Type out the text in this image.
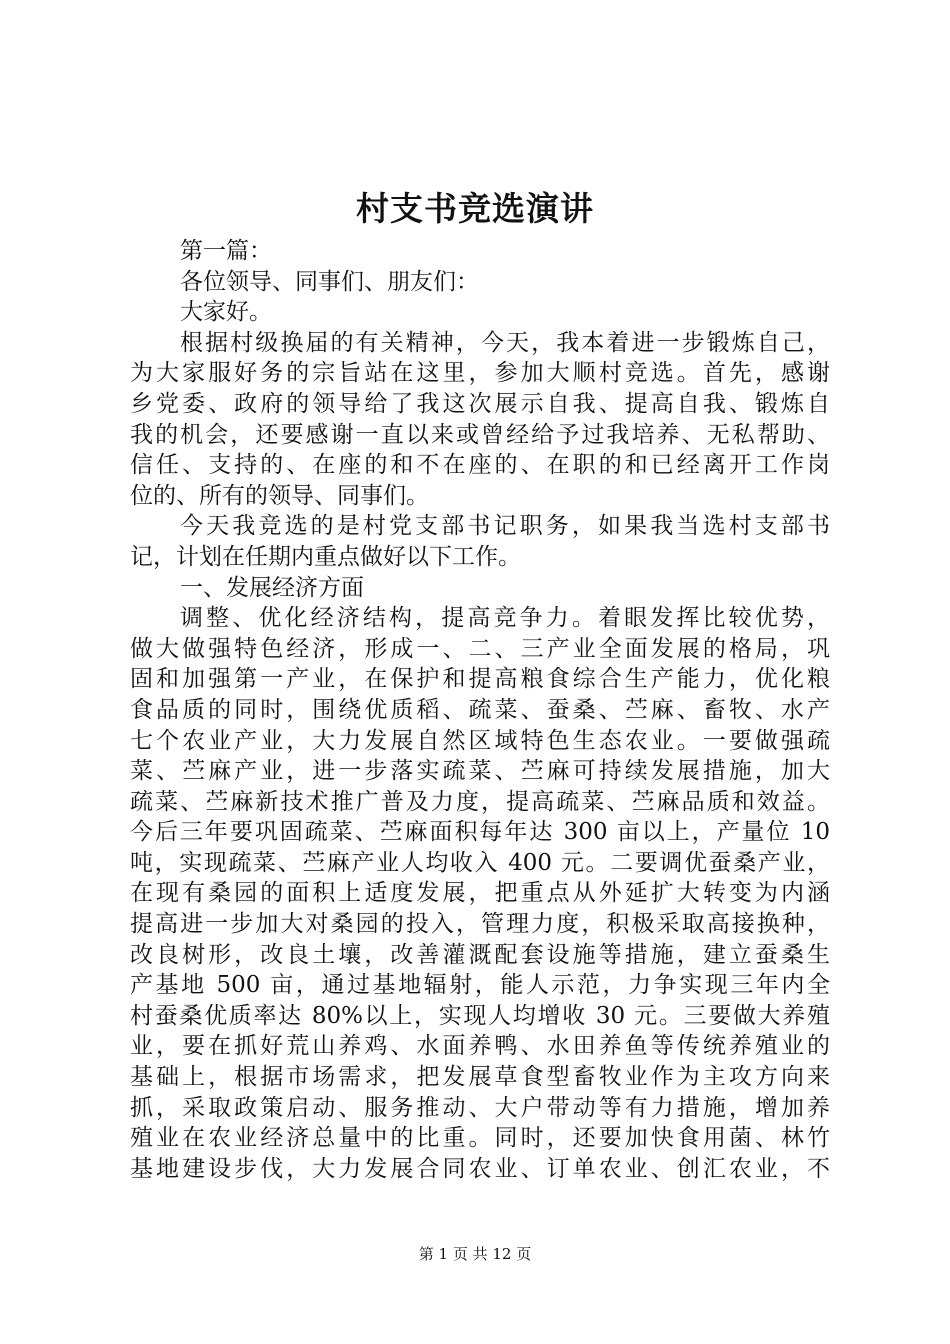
村支书竞选演讲
第一篇：
各位领导、同事们、朋友们：
大家好。
根据村级换届的有关精神，今天，我本着进一步锻炼自己，
为大家服好务的宗旨站在这里，参加大顺村竞选。首先，感谢
乡党委、政府的领导给了我这次展示自我、提高自我、锻炼自
我的机会，还要感谢一直以来或曾经给予过我培养、无私帮助、
信任、支持的、在座的和不在座的、在职的和已经离开工作岗
位的、所有的领导、同事们。
今天我竞选的是村党支部书记职务，如果我当选村支部书
记，计划在任期内重点做好以下工作。
一、发展经济方面
调整、优化经济结构，提高竞争力。着眼发挥比较优势，
做大做强特色经济，形成一、二、三产业全面发展的格局，巩
固和加强第一产业，在保护和提高粮食综合生产能力，优化粮
食品质的同时，围绕优质稻、疏菜、蚕桑、苎麻、畜牧、水产
七个农业产业，大力发展自然区域特色生态农业。一要做强疏
菜、苎麻产业，进一步落实疏菜、苎麻可持续发展措施，加大
疏菜、苎麻新技术推广普及力度，提高疏菜、苎麻品质和效益。
今后三年要巩固疏菜、苎麻面积每年达 300 亩以上，产量位 10
吨，实现疏菜、苎麻产业人均收入 400 元。二要调优蚕桑产业，
在现有桑园的面积上适度发展，把重点从外延扩大转变为内涵
提高进一步加大对桑园的投入，管理力度，积极采取高接换种，
改良树形，改良土壤，改善灌溉配套设施等措施，建立蚕桑生
产基地 500 亩，通过基地辐射，能人示范，力争实现三年内全
村蚕桑优质率达 80%以上，实现人均增收 30 元。三要做大养殖
业，要在抓好荒山养鸡、水面养鸭、水田养鱼等传统养殖业的
基础上，根据市场需求，把发展草食型畜牧业作为主攻方向来
抓，采取政策启动、服务推动、大户带动等有力措施，增加养
殖业在农业经济总量中的比重。同时，还要加快食用菌、林竹
基地建设步伐，大力发展合同农业、订单农业、创汇农业，不
第 1 页 共 12 页
